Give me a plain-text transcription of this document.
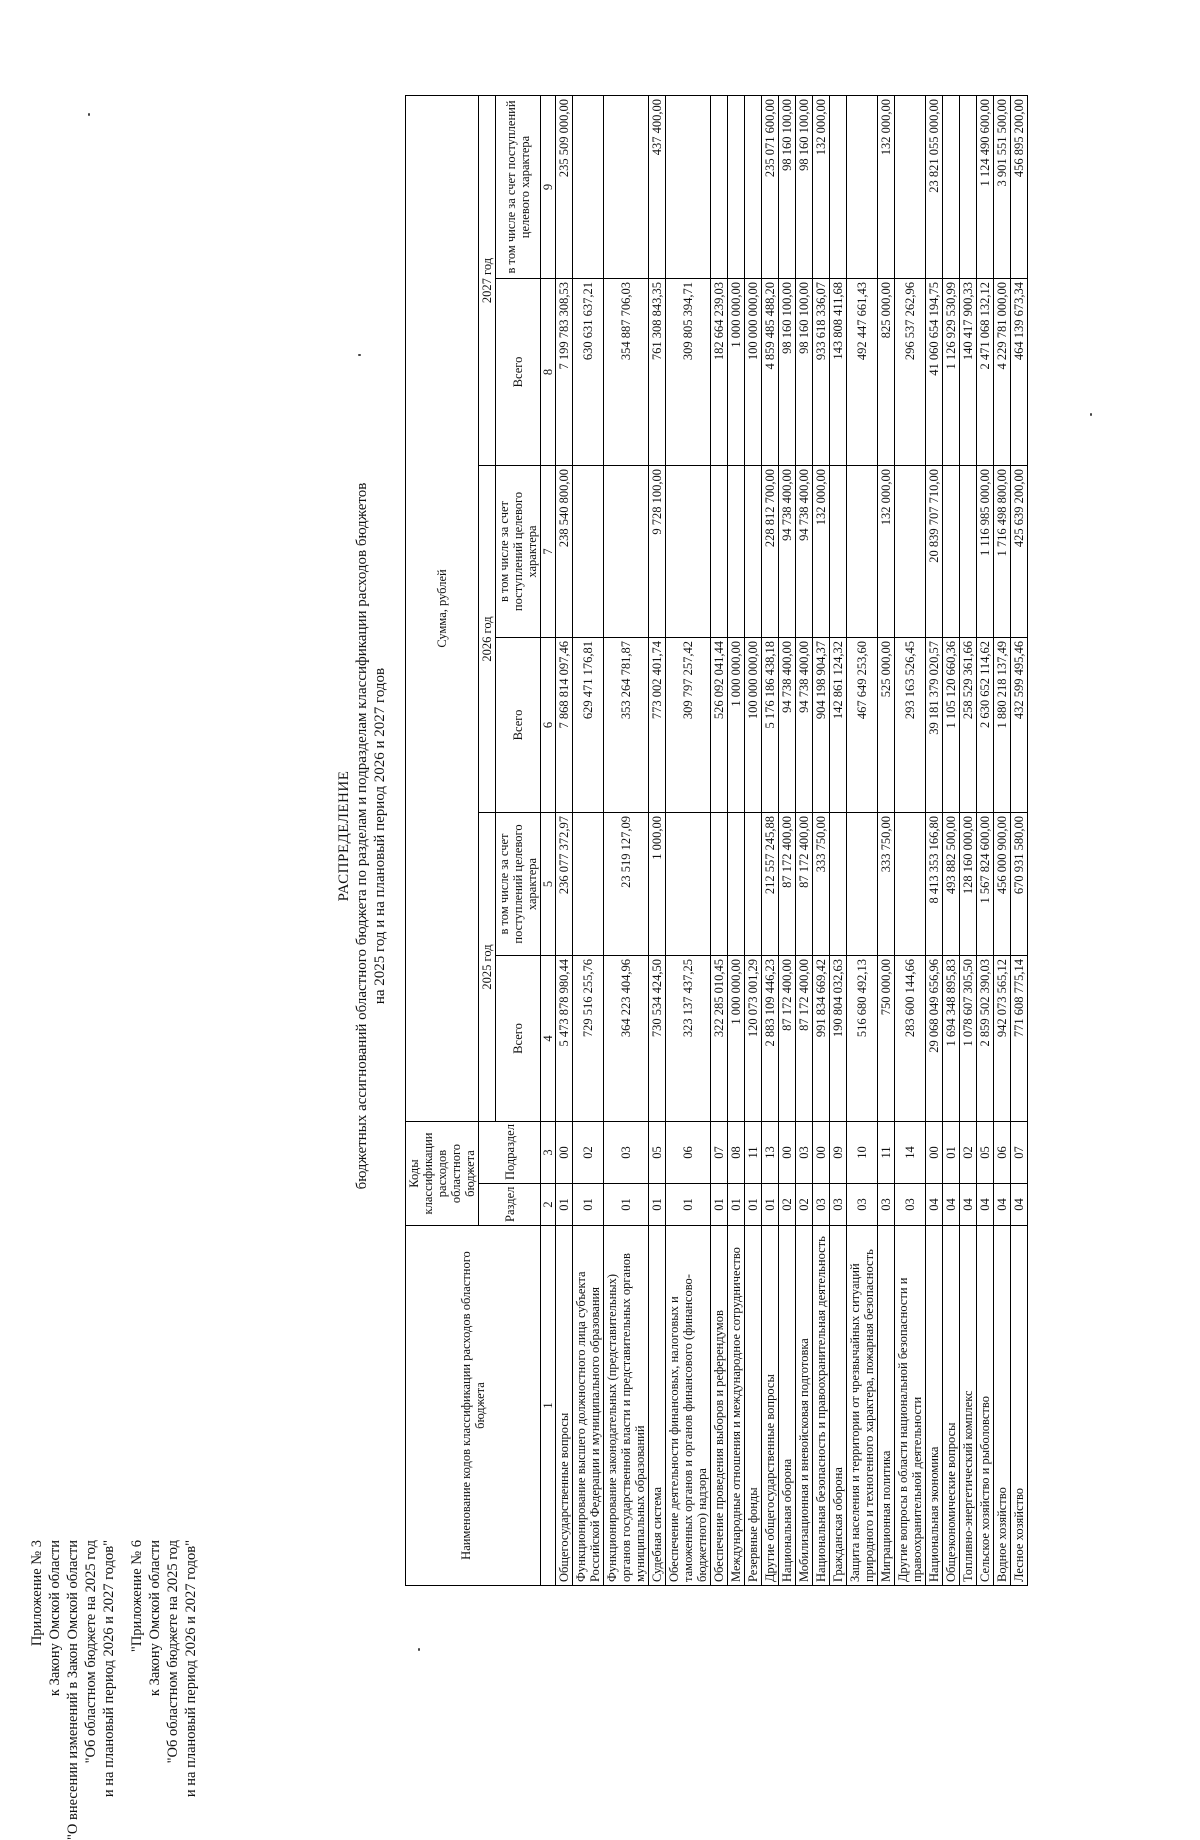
Приложение № 3 к Закону Омской области "О внесении изменений в Закон Омской области "Об областном бюджете на 2025 год и на плановый период 2026 и 2027 годов" "Приложение № 6 к Закону Омской области "Об областном бюджете на 2025 год и на плановый период 2026 и 2027 годов"
РАСПРЕДЕЛЕНИЕ бюджетных ассигнований областного бюджета по разделам и подразделам классификации расходов бюджетов на 2025 год и на плановый период 2026 и 2027 годов
Наименование кодов классификации расходов областного бюджета	Коды классификации расходов областного бюджета		Сумма, рублей					
	Раздел	Подраздел	2025 год		2026 год		2027 год	
			Всего	в том числе за счет поступлений целевого характера	Всего	в том числе за счет поступлений целевого характера	Всего	в том числе за счет поступлений целевого характера
1	2	3	4	5	6	7	8	9
Общегосударственные вопросы	01	00	5 473 878 980,44	236 077 372,97	7 868 814 097,46	238 540 800,00	7 199 783 308,53	235 509 000,00
Функционирование высшего должностного лица субъекта Российской Федерации и муниципального образования	01	02	729 516 255,76		629 471 176,81		630 631 637,21	
Функционирование законодательных (представительных) органов государственной власти и представительных органов муниципальных образований	01	03	364 223 404,96	23 519 127,09	353 264 781,87		354 887 706,03	
Судебная система	01	05	730 534 424,50	1 000,00	773 002 401,74	9 728 100,00	761 308 843,35	437 400,00
Обеспечение деятельности финансовых, налоговых и таможенных органов и органов финансового (финансово-бюджетного) надзора	01	06	323 137 437,25		309 797 257,42		309 805 394,71	
Обеспечение проведения выборов и референдумов	01	07	322 285 010,45		526 092 041,44		182 664 239,03	
Международные отношения и международное сотрудничество	01	08	1 000 000,00		1 000 000,00		1 000 000,00	
Резервные фонды	01	11	120 073 001,29		100 000 000,00		100 000 000,00	
Другие общегосударственные вопросы	01	13	2 883 109 446,23	212 557 245,88	5 176 186 438,18	228 812 700,00	4 859 485 488,20	235 071 600,00
Национальная оборона	02	00	87 172 400,00	87 172 400,00	94 738 400,00	94 738 400,00	98 160 100,00	98 160 100,00
Мобилизационная и вневойсковая подготовка	02	03	87 172 400,00	87 172 400,00	94 738 400,00	94 738 400,00	98 160 100,00	98 160 100,00
Национальная безопасность и правоохранительная деятельность	03	00	991 834 669,42	333 750,00	904 198 904,37	132 000,00	933 618 336,07	132 000,00
Гражданская оборона	03	09	190 804 032,63		142 861 124,32		143 808 411,68	
Защита населения и территории от чрезвычайных ситуаций природного и техногенного характера, пожарная безопасность	03	10	516 680 492,13		467 649 253,60		492 447 661,43	
Миграционная политика	03	11	750 000,00	333 750,00	525 000,00	132 000,00	825 000,00	132 000,00
Другие вопросы в области национальной безопасности и правоохранительной деятельности	03	14	283 600 144,66		293 163 526,45		296 537 262,96	
Национальная экономика	04	00	29 068 049 656,96	8 413 353 166,80	39 181 379 020,57	20 839 707 710,00	41 060 654 194,75	23 821 055 000,00
Общеэкономические вопросы	04	01	1 694 348 895,83	493 882 500,00	1 105 120 660,36		1 126 929 530,99	
Топливно-энергетический комплекс	04	02	1 078 607 305,50	128 160 000,00	258 529 361,66		140 417 900,33	
Сельское хозяйство и рыболовство	04	05	2 859 502 390,03	1 567 824 600,00	2 630 652 114,62	1 116 985 000,00	2 471 068 132,12	1 124 490 600,00
Водное хозяйство	04	06	942 073 565,12	456 000 900,00	1 880 218 137,49	1 716 498 800,00	4 229 781 000,00	3 901 551 500,00
Лесное хозяйство	04	07	771 608 775,14	670 931 580,00	432 599 495,46	425 639 200,00	464 139 673,34	456 895 200,00
